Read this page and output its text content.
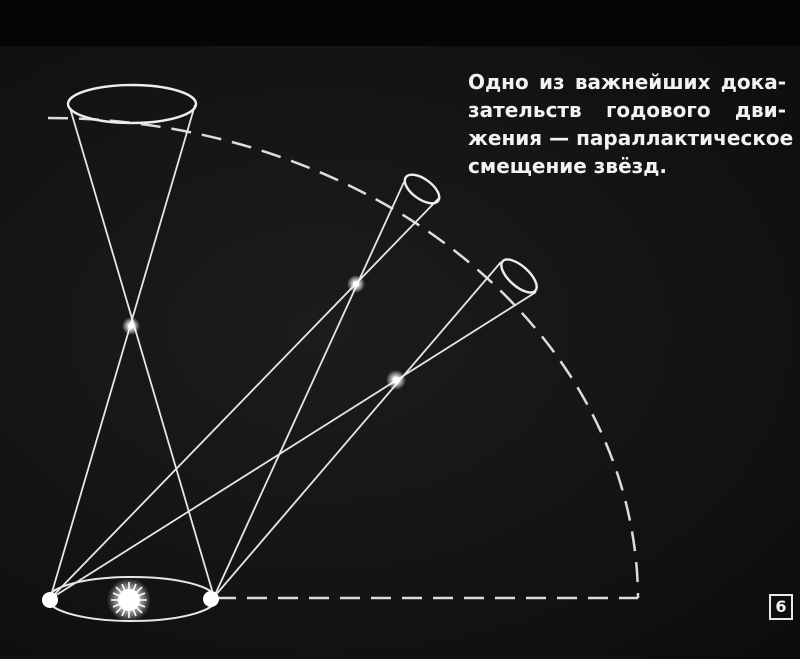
Одно из важнейших дока-
зательств годового дви-
жения — параллактическое
смещение звёзд.
6
